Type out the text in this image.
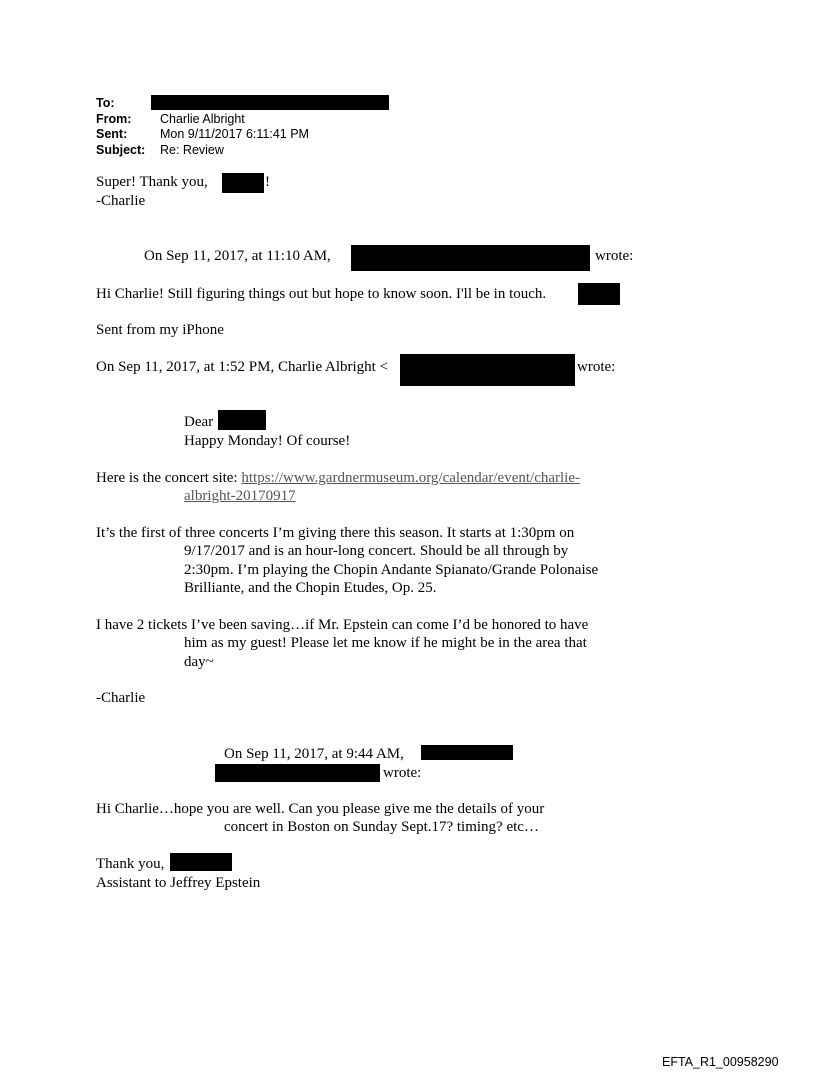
To:
From: Charlie Albright
Sent:	Mon 9/11/2017 6:11:41 PM
Subject: Re: Review
Super! Thank you,	!
-Charlie
On Sep 11, 2017, at 11:10 AM,	wrote:
Hi Charlie! Still figuring things out but hope to know soon. I'll be in touch.
Sent from my iPhone
On Sep 11, 2017, at 1:52 PM, Charlie Albright <	wrote:
Dear
Happy Monday! Of course!
Here is the concert site: https://www.gardnermuseum.org/calendar/event/charlie-
albright-20170917
It’s the first of three concerts I’m giving there this season. It starts at 1:30pm on
9/17/2017 and is an hour-long concert. Should be all through by
2:30pm. I’m playing the Chopin Andante Spianato/Grande Polonaise
Brilliante, and the Chopin Etudes, Op. 25.
I have 2 tickets I’ve been saving…if Mr. Epstein can come I’d be honored to have
him as my guest! Please let me know if he might be in the area that
day~
-Charlie
On Sep 11, 2017, at 9:44 AM,
wrote:
Hi Charlie…hope you are well. Can you please give me the details of your
concert in Boston on Sunday Sept.17? timing? etc…
Thank you,
Assistant to Jeffrey Epstein
EFTA_R1_00958290
